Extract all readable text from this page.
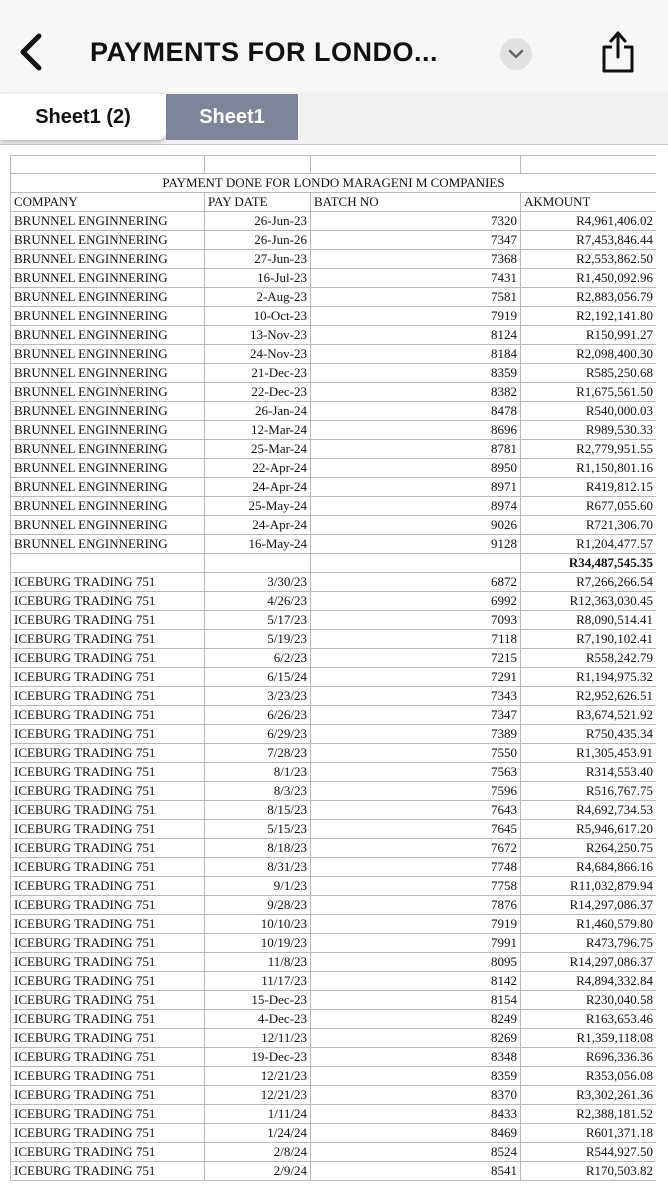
PAYMENTS FOR LONDO...
Sheet1 (2)	Sheet1

PAYMENT DONE FOR LONDO MARAGENI M COMPANIES			
COMPANY	PAY DATE	BATCH NO	AKMOUNT
BRUNNEL ENGINNERING	26-Jun-23	7320	R4,961,406.02
BRUNNEL ENGINNERING	26-Jun-26	7347	R7,453,846.44
BRUNNEL ENGINNERING	27-Jun-23	7368	R2,553,862.50
BRUNNEL ENGINNERING	16-Jul-23	7431	R1,450,092.96
BRUNNEL ENGINNERING	2-Aug-23	7581	R2,883,056.79
BRUNNEL ENGINNERING	10-Oct-23	7919	R2,192,141.80
BRUNNEL ENGINNERING	13-Nov-23	8124	R150,991.27
BRUNNEL ENGINNERING	24-Nov-23	8184	R2,098,400.30
BRUNNEL ENGINNERING	21-Dec-23	8359	R585,250.68
BRUNNEL ENGINNERING	22-Dec-23	8382	R1,675,561.50
BRUNNEL ENGINNERING	26-Jan-24	8478	R540,000.03
BRUNNEL ENGINNERING	12-Mar-24	8696	R989,530.33
BRUNNEL ENGINNERING	25-Mar-24	8781	R2,779,951.55
BRUNNEL ENGINNERING	22-Apr-24	8950	R1,150,801.16
BRUNNEL ENGINNERING	24-Apr-24	8971	R419,812.15
BRUNNEL ENGINNERING	25-May-24	8974	R677,055.60
BRUNNEL ENGINNERING	24-Apr-24	9026	R721,306.70
BRUNNEL ENGINNERING	16-May-24	9128	R1,204,477.57
			R34,487,545.35
ICEBURG TRADING 751	3/30/23	6872	R7,266,266.54
ICEBURG TRADING 751	4/26/23	6992	R12,363,030.45
ICEBURG TRADING 751	5/17/23	7093	R8,090,514.41
ICEBURG TRADING 751	5/19/23	7118	R7,190,102.41
ICEBURG TRADING 751	6/2/23	7215	R558,242.79
ICEBURG TRADING 751	6/15/24	7291	R1,194,975.32
ICEBURG TRADING 751	3/23/23	7343	R2,952,626.51
ICEBURG TRADING 751	6/26/23	7347	R3,674,521.92
ICEBURG TRADING 751	6/29/23	7389	R750,435.34
ICEBURG TRADING 751	7/28/23	7550	R1,305,453.91
ICEBURG TRADING 751	8/1/23	7563	R314,553.40
ICEBURG TRADING 751	8/3/23	7596	R516,767.75
ICEBURG TRADING 751	8/15/23	7643	R4,692,734.53
ICEBURG TRADING 751	5/15/23	7645	R5,946,617.20
ICEBURG TRADING 751	8/18/23	7672	R264,250.75
ICEBURG TRADING 751	8/31/23	7748	R4,684,866.16
ICEBURG TRADING 751	9/1/23	7758	R11,032,879.94
ICEBURG TRADING 751	9/28/23	7876	R14,297,086.37
ICEBURG TRADING 751	10/10/23	7919	R1,460,579.80
ICEBURG TRADING 751	10/19/23	7991	R473,796.75
ICEBURG TRADING 751	11/8/23	8095	R14,297,086.37
ICEBURG TRADING 751	11/17/23	8142	R4,894,332.84
ICEBURG TRADING 751	15-Dec-23	8154	R230,040.58
ICEBURG TRADING 751	4-Dec-23	8249	R163,653.46
ICEBURG TRADING 751	12/11/23	8269	R1,359,118.08
ICEBURG TRADING 751	19-Dec-23	8348	R696,336.36
ICEBURG TRADING 751	12/21/23	8359	R353,056.08
ICEBURG TRADING 751	12/21/23	8370	R3,302,261.36
ICEBURG TRADING 751	1/11/24	8433	R2,388,181.52
ICEBURG TRADING 751	1/24/24	8469	R601,371.18
ICEBURG TRADING 751	2/8/24	8524	R544,927.50
ICEBURG TRADING 751	2/9/24	8541	R170,503.82
